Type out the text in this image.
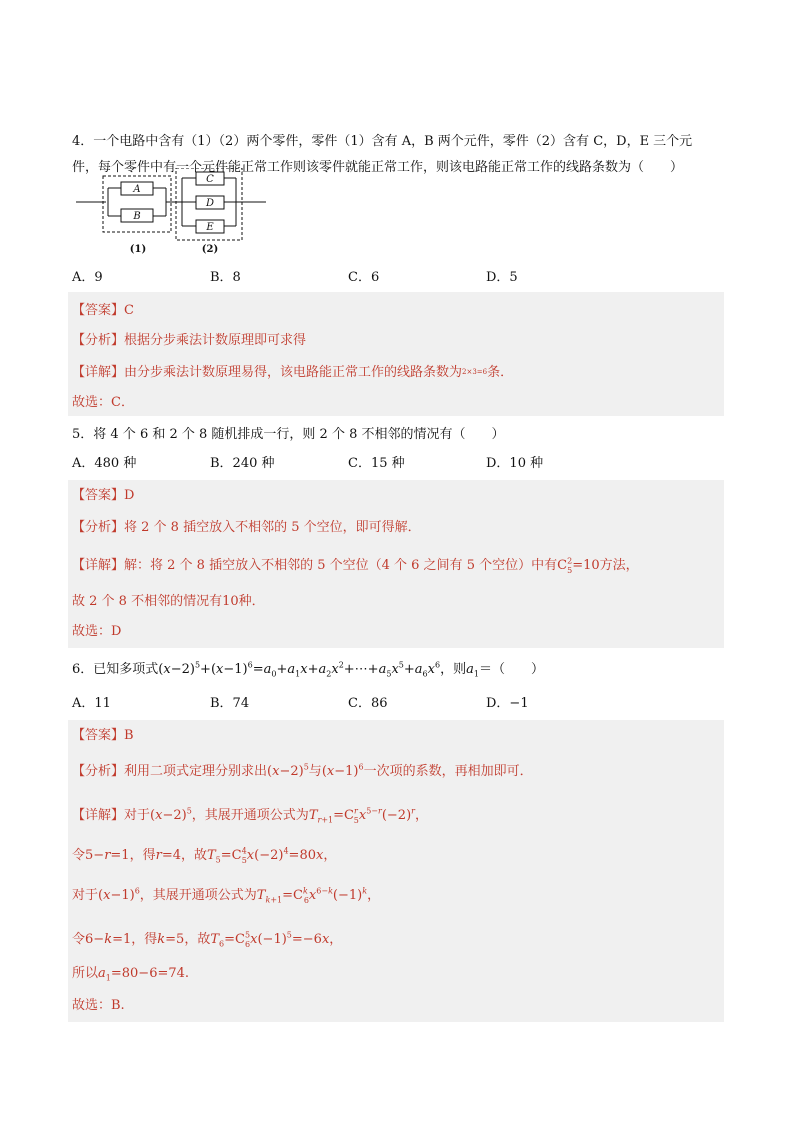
4．一个电路中含有（1）（2）两个零件，零件（1）含有 A，B 两个元件，零件（2）含有 C，D，E 三个元
件，每个零件中有一个元件能正常工作则该零件就能正常工作，则该电路能正常工作的线路条数为（　　）
A
B
C
D
E
(1)	(2)
A．9	B．8	C．6	D．5
【答案】C
【分析】根据分步乘法计数原理即可求得
【详解】由分步乘法计数原理易得，该电路能正常工作的线路条数为2×3=6条．
故选：C．
5．将 4 个 6 和 2 个 8 随机排成一行，则 2 个 8 不相邻的情况有（　　）
A．480 种	B．240 种	C．15 种	D．10 种
【答案】D
【分析】将 2 个 8 插空放入不相邻的 5 个空位，即可得解．
【详解】解：将 2 个 8 插空放入不相邻的 5 个空位（4 个 6 之间有 5 个空位）中有$C^2_5=10$方法，
故 2 个 8 不相邻的情况有10种．
故选：D
6．已知多项式$(x-2)^5+(x-1)^6=a_0+a_1x+a_2x^2+\cdots+a_5x^5+a_6x^6$，则$a_1=$（　　）
A．11	B．74	C．86	D．−1
【答案】B
【分析】利用二项式定理分别求出$(x-2)^5$与$(x-1)^6$一次项的系数，再相加即可．
【详解】对于$(x-2)^5$，其展开通项公式为$T_{r+1}=C^r_5x^{5-r}(-2)^r$，
令5−r=1，得r=4，故$T_5=C^4_5x(-2)^4=80x$，
对于$(x-1)^6$，其展开通项公式为$T_{k+1}=C^k_6x^{6-k}(-1)^k$，
令6−k=1，得k=5，故$T_6=C^5_6x(-1)^5=-6x$，
所以$a_1=80-6=74$.
故选：B.
